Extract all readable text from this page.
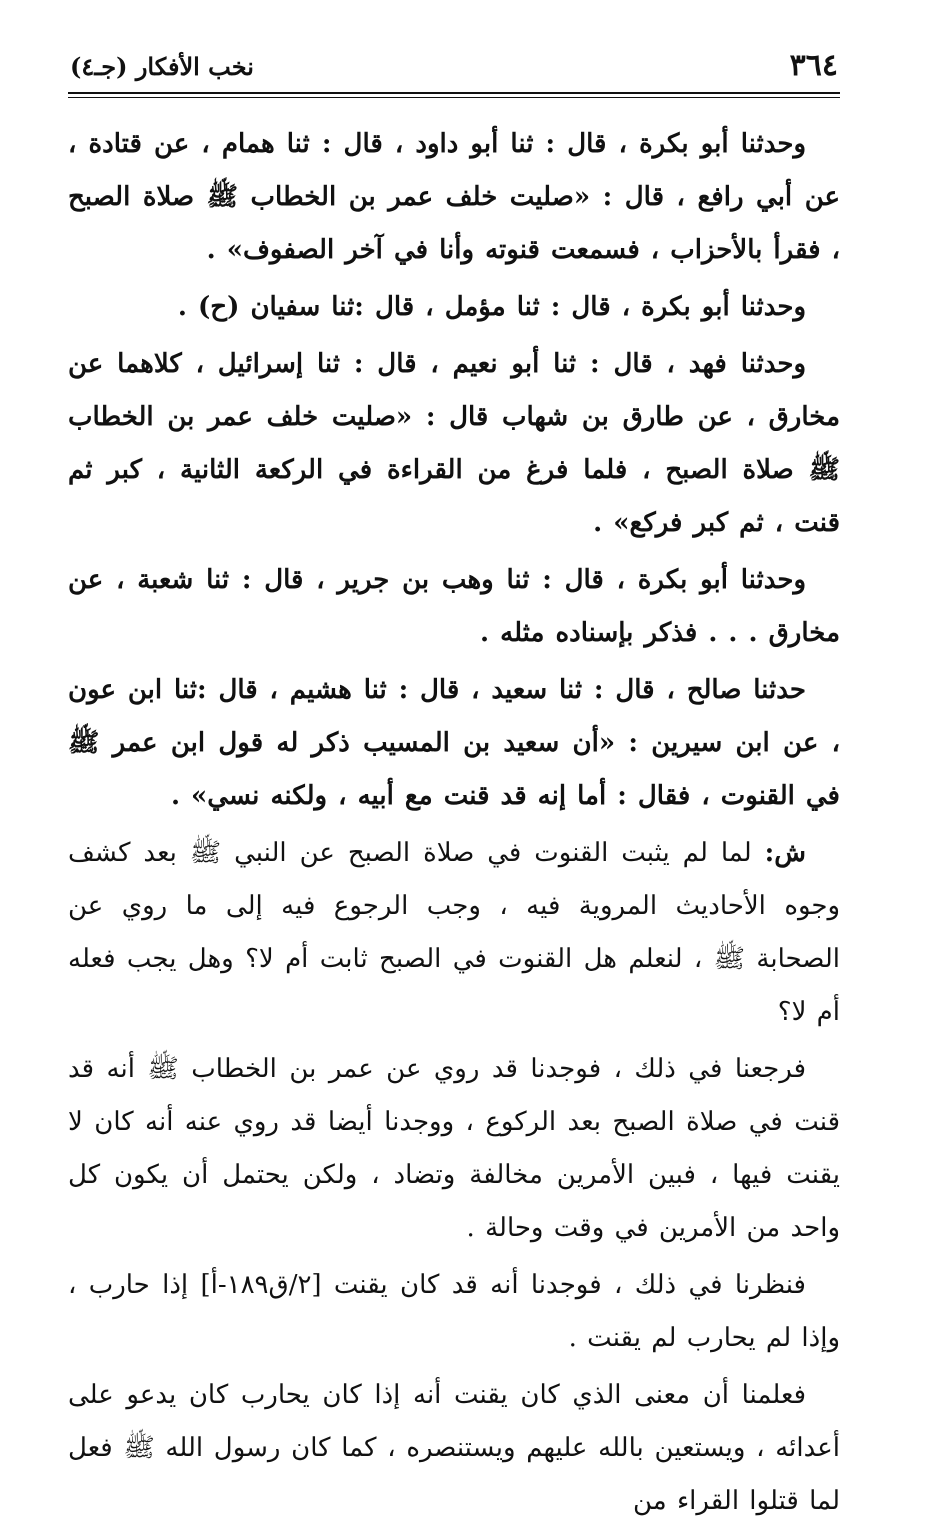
٣٦٤
نخب الأفكار (جـ٤)

وحدثنا أبو بكرة ، قال : ثنا أبو داود ، قال : ثنا همام ، عن قتادة ، عن أبي رافع ، قال : «صليت خلف عمر بن الخطاب ﷺ صلاة الصبح ، فقرأ بالأحزاب ، فسمعت قنوته وأنا في آخر الصفوف» .

وحدثنا أبو بكرة ، قال : ثنا مؤمل ، قال :ثنا سفيان (ح) .

وحدثنا فهد ، قال : ثنا أبو نعيم ، قال : ثنا إسرائيل ، كلاهما عن مخارق ، عن طارق بن شهاب قال : «صليت خلف عمر بن الخطاب ﷺ صلاة الصبح ، فلما فرغ من القراءة في الركعة الثانية ، كبر ثم قنت ، ثم كبر فركع» .

وحدثنا أبو بكرة ، قال : ثنا وهب بن جرير ، قال : ثنا شعبة ، عن مخارق . . . فذكر بإسناده مثله .

حدثنا صالح ، قال : ثنا سعيد ، قال : ثنا هشيم ، قال :ثنا ابن عون ، عن ابن سيرين : «أن سعيد بن المسيب ذكر له قول ابن عمر ﷺ في القنوت ، فقال : أما إنه قد قنت مع أبيه ، ولكنه نسي» .

ش: لما لم يثبت القنوت في صلاة الصبح عن النبي ﷺ بعد كشف وجوه الأحاديث المروية فيه ، وجب الرجوع فيه إلى ما روي عن الصحابة ﷺ ، لنعلم هل القنوت في الصبح ثابت أم لا؟ وهل يجب فعله أم لا؟

فرجعنا في ذلك ، فوجدنا قد روي عن عمر بن الخطاب ﷺ أنه قد قنت في صلاة الصبح بعد الركوع ، ووجدنا أيضا قد روي عنه أنه كان لا يقنت فيها ، فبين الأمرين مخالفة وتضاد ، ولكن يحتمل أن يكون كل واحد من الأمرين في وقت وحالة .

فنظرنا في ذلك ، فوجدنا أنه قد كان يقنت [٢/ق١٨٩-أ] إذا حارب ، وإذا لم يحارب لم يقنت .

فعلمنا أن معنى الذي كان يقنت أنه إذا كان يحارب كان يدعو على أعدائه ، ويستعين بالله عليهم ويستنصره ، كما كان رسول الله ﷺ فعل لما قتلوا القراء من
